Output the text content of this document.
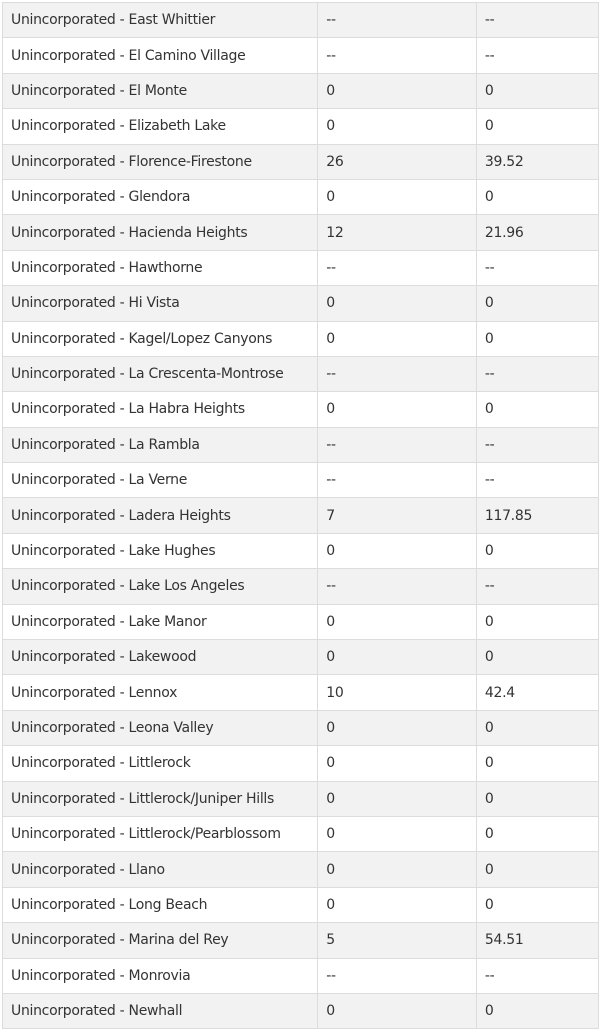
Unincorporated - East Whittier	--	--
Unincorporated - El Camino Village	--	--
Unincorporated - El Monte	0	0
Unincorporated - Elizabeth Lake	0	0
Unincorporated - Florence-Firestone	26	39.52
Unincorporated - Glendora	0	0
Unincorporated - Hacienda Heights	12	21.96
Unincorporated - Hawthorne	--	--
Unincorporated - Hi Vista	0	0
Unincorporated - Kagel/Lopez Canyons	0	0
Unincorporated - La Crescenta-Montrose	--	--
Unincorporated - La Habra Heights	0	0
Unincorporated - La Rambla	--	--
Unincorporated - La Verne	--	--
Unincorporated - Ladera Heights	7	117.85
Unincorporated - Lake Hughes	0	0
Unincorporated - Lake Los Angeles	--	--
Unincorporated - Lake Manor	0	0
Unincorporated - Lakewood	0	0
Unincorporated - Lennox	10	42.4
Unincorporated - Leona Valley	0	0
Unincorporated - Littlerock	0	0
Unincorporated - Littlerock/Juniper Hills	0	0
Unincorporated - Littlerock/Pearblossom	0	0
Unincorporated - Llano	0	0
Unincorporated - Long Beach	0	0
Unincorporated - Marina del Rey	5	54.51
Unincorporated - Monrovia	--	--
Unincorporated - Newhall	0	0
